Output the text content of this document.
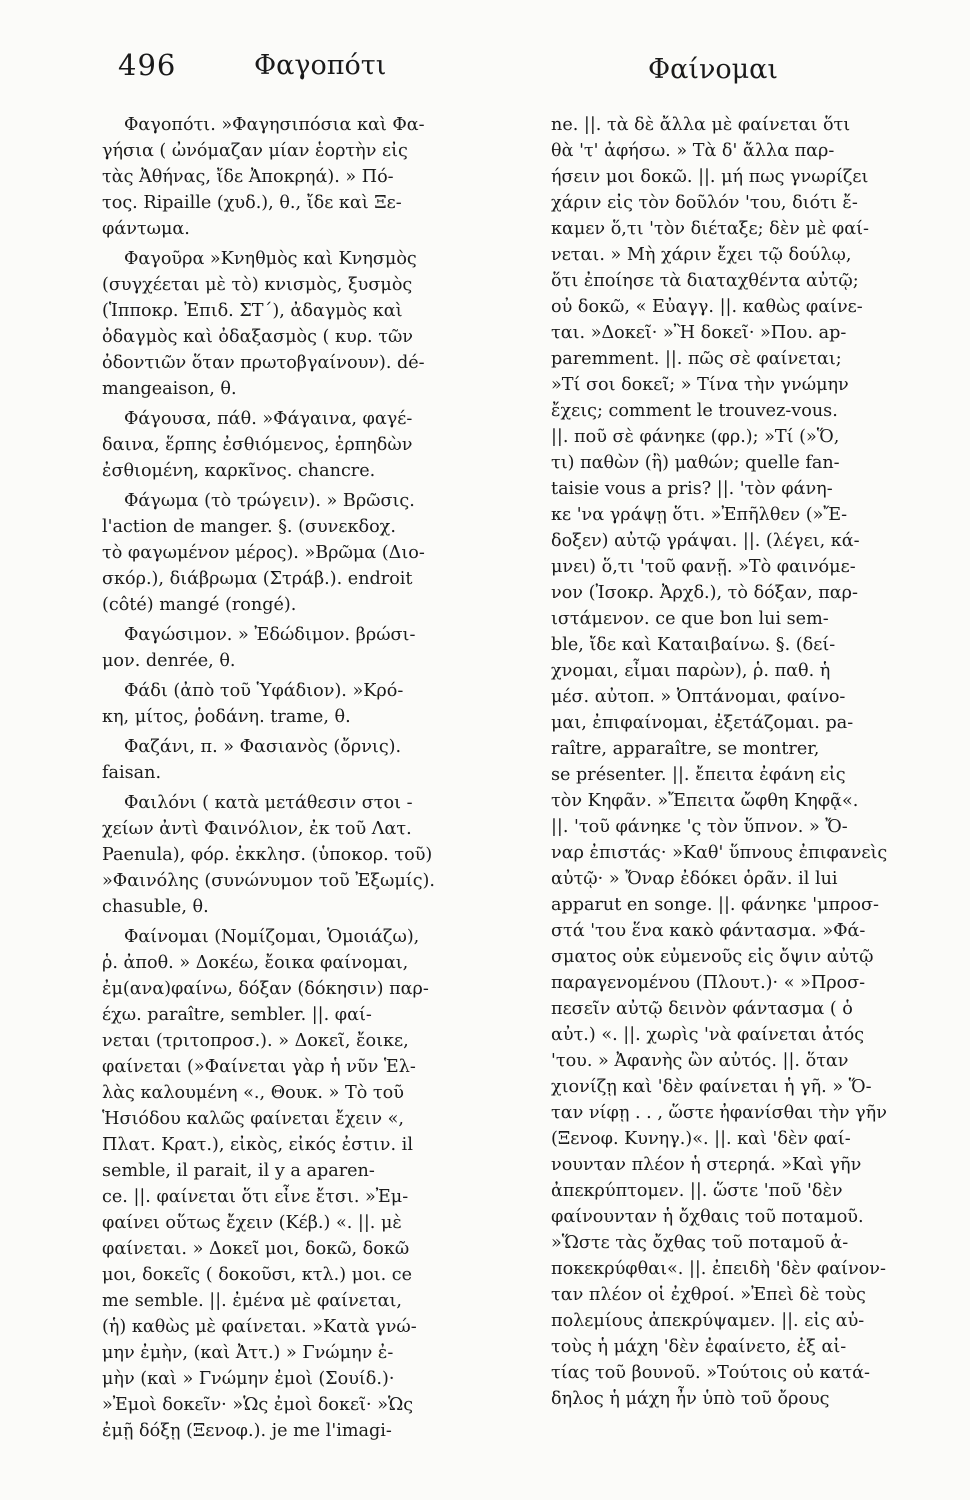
496	Φαγοπότι	Φαίνομαι
Φαγοπότι. »Φαγησιπόσια καὶ Φα-
γήσια ( ὠνόμαζαν μίαν ἑορτὴν εἰς
τὰς Ἀθήνας, ἴδε Ἀποκρηά). » Πό-
τος. Ripaille (χυδ.), θ., ἴδε καὶ Ξε-
φάντωμα.
Φαγοῦρα »Κνηθμὸς καὶ Κνησμὸς
(συγχέεται μὲ τὸ) κνισμὸς, ξυσμὸς
(Ἱπποκρ. Ἐπιδ. ΣΤ΄), ἀδαγμὸς καὶ
ὀδαγμὸς καὶ ὀδαξασμὸς ( κυρ. τῶν
ὀδοντιῶν ὅταν πρωτοβγαίνουν). dé-
mangeaison, θ.
Φάγουσα, πάθ. »Φάγαινα, φαγέ-
δαινα, ἕρπης ἐσθιόμενος, ἑρπηδὼν
ἐσθιομένη, καρκῖνος. chancre.
Φάγωμα (τὸ τρώγειν). » Βρῶσις.
l'action de manger. §. (συνεκδοχ.
τὸ φαγωμένον μέρος). »Βρῶμα (Διο-
σκόρ.), διάβρωμα (Στράβ.). endroit
(côté) mangé (rongé).
Φαγώσιμον. » Ἐδώδιμον. βρώσι-
μον. denrée, θ.
Φάδι (ἀπὸ τοῦ Ὑφάδιον). »Κρό-
κη, μίτος, ῥοδάνη. trame, θ.
Φαζάνι, π. » Φασιανὸς (ὄρνις).
faisan.
Φαιλόνι ( κατὰ μετάθεσιν στοι -
χείων ἀντὶ Φαινόλιον, ἐκ τοῦ Λατ.
Paenula), φόρ. ἐκκλησ. (ὑποκορ. τοῦ)
»Φαινόλης (συνώνυμον τοῦ Ἐξωμίς).
chasuble, θ.
Φαίνομαι (Νομίζομαι, Ὁμοιάζω),
ῥ. ἀποθ. » Δοκέω, ἔοικα φαίνομαι,
ἐμ(ανα)φαίνω, δόξαν (δόκησιν) παρ-
έχω. paraître, sembler. ||. φαί-
νεται (τριτοπροσ.). » Δοκεῖ, ἔοικε,
φαίνεται (»Φαίνεται γὰρ ἡ νῦν Ἑλ-
λὰς καλουμένη «., Θουκ. » Τὸ τοῦ
Ἡσιόδου καλῶς φαίνεται ἔχειν «,
Πλατ. Κρατ.), εἰκὸς, εἰκός ἐστιν. il
semble, il parait, il y a aparen-
ce. ||. φαίνεται ὅτι εἶνε ἔτσι. »Ἐμ-
φαίνει οὕτως ἔχειν (Κέβ.) «. ||. μὲ
φαίνεται. » Δοκεῖ μοι, δοκῶ, δοκῶ
μοι, δοκεῖς ( δοκοῦσι, κτλ.) μοι. ce
me semble. ||. ἐμένα μὲ φαίνεται,
(ἡ) καθὼς μὲ φαίνεται. »Κατὰ γνώ-
μην ἐμὴν, (καὶ Ἀττ.) » Γνώμην ἐ-
μὴν (καὶ » Γνώμην ἐμοὶ (Σουίδ.)·
»Ἐμοὶ δοκεῖν· »Ὡς ἐμοὶ δοκεῖ· »Ὡς
ἐμῇ δόξῃ (Ξενοφ.). je me l'imagi-
ne. ||. τὰ δὲ ἄλλα μὲ φαίνεται ὅτι
θὰ 'τ' ἀφήσω. » Τὰ δ' ἄλλα παρ-
ήσειν μοι δοκῶ. ||. μή πως γνωρίζει
χάριν εἰς τὸν δοῦλόν 'του, διότι ἔ-
καμεν ὅ,τι 'τὸν διέταξε; δὲν μὲ φαί-
νεται. » Μὴ χάριν ἔχει τῷ δούλῳ,
ὅτι ἐποίησε τὰ διαταχθέντα αὐτῷ;
οὐ δοκῶ, « Εὐαγγ. ||. καθὼς φαίνε-
ται. »Δοκεῖ· »Ἢ δοκεῖ· »Που. ap-
paremment. ||. πῶς σὲ φαίνεται;
»Τί σοι δοκεῖ; » Τίνα τὴν γνώμην
ἔχεις; comment le trouvez-vous.
||. ποῦ σὲ φάνηκε (φρ.); »Τί (»Ὅ,
τι) παθὼν (ἢ) μαθών; quelle fan-
taisie vous a pris? ||. 'τὸν φάνη-
κε 'να γράψῃ ὅτι. »Ἐπῆλθεν (»Ἔ-
δοξεν) αὐτῷ γράψαι. ||. (λέγει, κά-
μνει) ὅ,τι 'τοῦ φανῇ. »Τὸ φαινόμε-
νον (Ἰσοκρ. Ἀρχδ.), τὸ δόξαν, παρ-
ιστάμενον. ce que bon lui sem-
ble, ἴδε καὶ Καταιβαίνω. §. (δεί-
χνομαι, εἶμαι παρὼν), ῥ. παθ. ἡ
μέσ. αὐτοπ. » Ὀπτάνομαι, φαίνο-
μαι, ἐπιφαίνομαι, ἐξετάζομαι. pa-
raître, apparaître, se montrer,
se présenter. ||. ἔπειτα ἐφάνη εἰς
τὸν Κηφᾶν. »Ἔπειτα ὤφθη Κηφᾷ«.
||. 'τοῦ φάνηκε 'ς τὸν ὕπνον. » Ὄ-
ναρ ἐπιστάς· »Καθ' ὕπνους ἐπιφανεὶς
αὐτῷ· » Ὄναρ ἐδόκει ὁρᾶν. il lui
apparut en songe. ||. φάνηκε 'μπροσ-
στά 'του ἕνα κακὸ φάντασμα. »Φά-
σματος οὐκ εὐμενοῦς εἰς ὄψιν αὐτῷ
παραγενομένου (Πλουτ.)· « »Προσ-
πεσεῖν αὐτῷ δεινὸν φάντασμα ( ὁ
αὐτ.) «. ||. χωρὶς 'νὰ φαίνεται ἀτός
'του. » Ἀφανὴς ὢν αὐτός. ||. ὅταν
χιονίζῃ καὶ 'δὲν φαίνεται ἡ γῆ. » Ὅ-
ταν νίφῃ . . , ὥστε ἠφανίσθαι τὴν γῆν
(Ξενοφ. Κυνηγ.)«. ||. καὶ 'δὲν φαί-
νουνταν πλέον ἡ στερηά. »Καὶ γῆν
ἀπεκρύπτομεν. ||. ὥστε 'ποῦ 'δὲν
φαίνουνταν ἡ ὄχθαις τοῦ ποταμοῦ.
»Ὥστε τὰς ὄχθας τοῦ ποταμοῦ ἀ-
ποκεκρύφθαι«. ||. ἐπειδὴ 'δὲν φαίνον-
ταν πλέον οἱ ἐχθροί. »Ἐπεὶ δὲ τοὺς
πολεμίους ἀπεκρύψαμεν. ||. εἰς αὐ-
τοὺς ἡ μάχη 'δὲν ἐφαίνετο, ἐξ αἰ-
τίας τοῦ βουνοῦ. »Τούτοις οὐ κατά-
δηλος ἡ μάχη ἦν ὑπὸ τοῦ ὄρους
